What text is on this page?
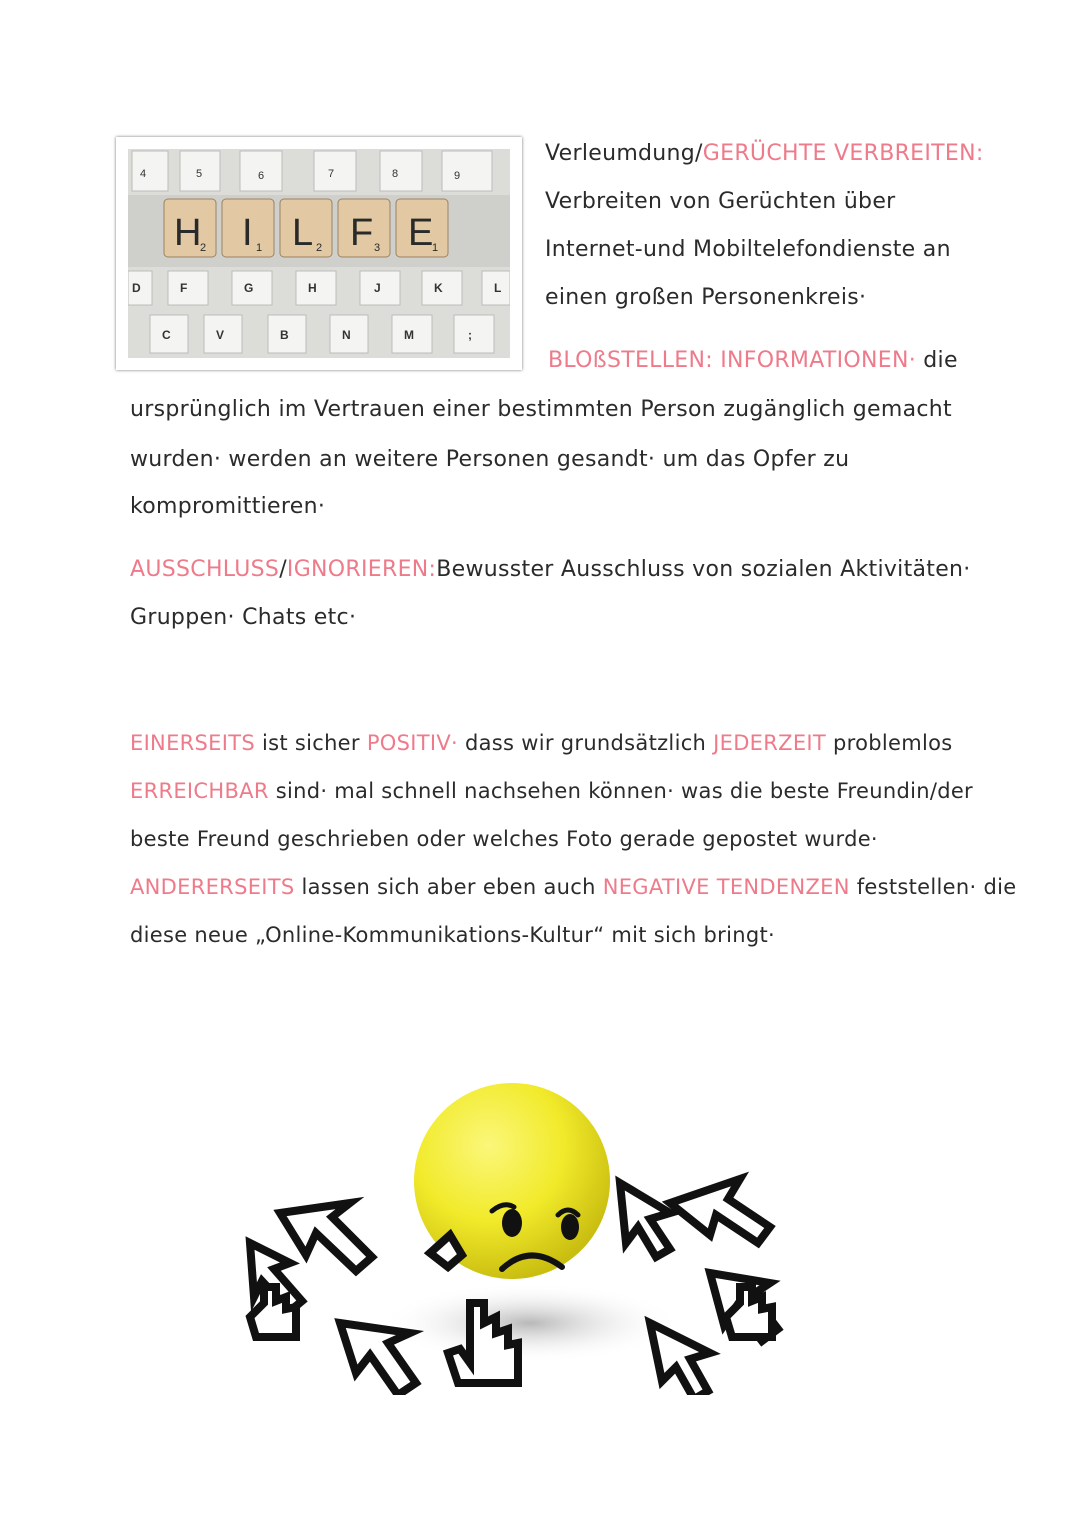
4	5	6	7	8	9
H
2 I 1 L 2 F 3 E
1
D	F	G	H	J	K	L
C	V	B	N	M	;
Verleumdung/GERÜCHTE VERBREITEN:
Verbreiten von Gerüchten über
Internet-und Mobiltelefondienste an
einen großen Personenkreis·
BLOßSTELLEN: INFORMATIONEN· die
ursprünglich im Vertrauen einer bestimmten Person zugänglich gemacht
wurden· werden an weitere Personen gesandt· um das Opfer zu
kompromittieren·
AUSSCHLUSS/IGNORIEREN:Bewusster Ausschluss von sozialen Aktivitäten·
Gruppen· Chats etc·
EINERSEITS ist sicher POSITIV· dass wir grundsätzlich JEDERZEIT problemlos
ERREICHBAR sind· mal schnell nachsehen können· was die beste Freundin/der
beste Freund geschrieben oder welches Foto gerade gepostet wurde·
ANDERERSEITS lassen sich aber eben auch NEGATIVE TENDENZEN feststellen· die
diese neue „Online-Kommunikations-Kultur“ mit sich bringt·
